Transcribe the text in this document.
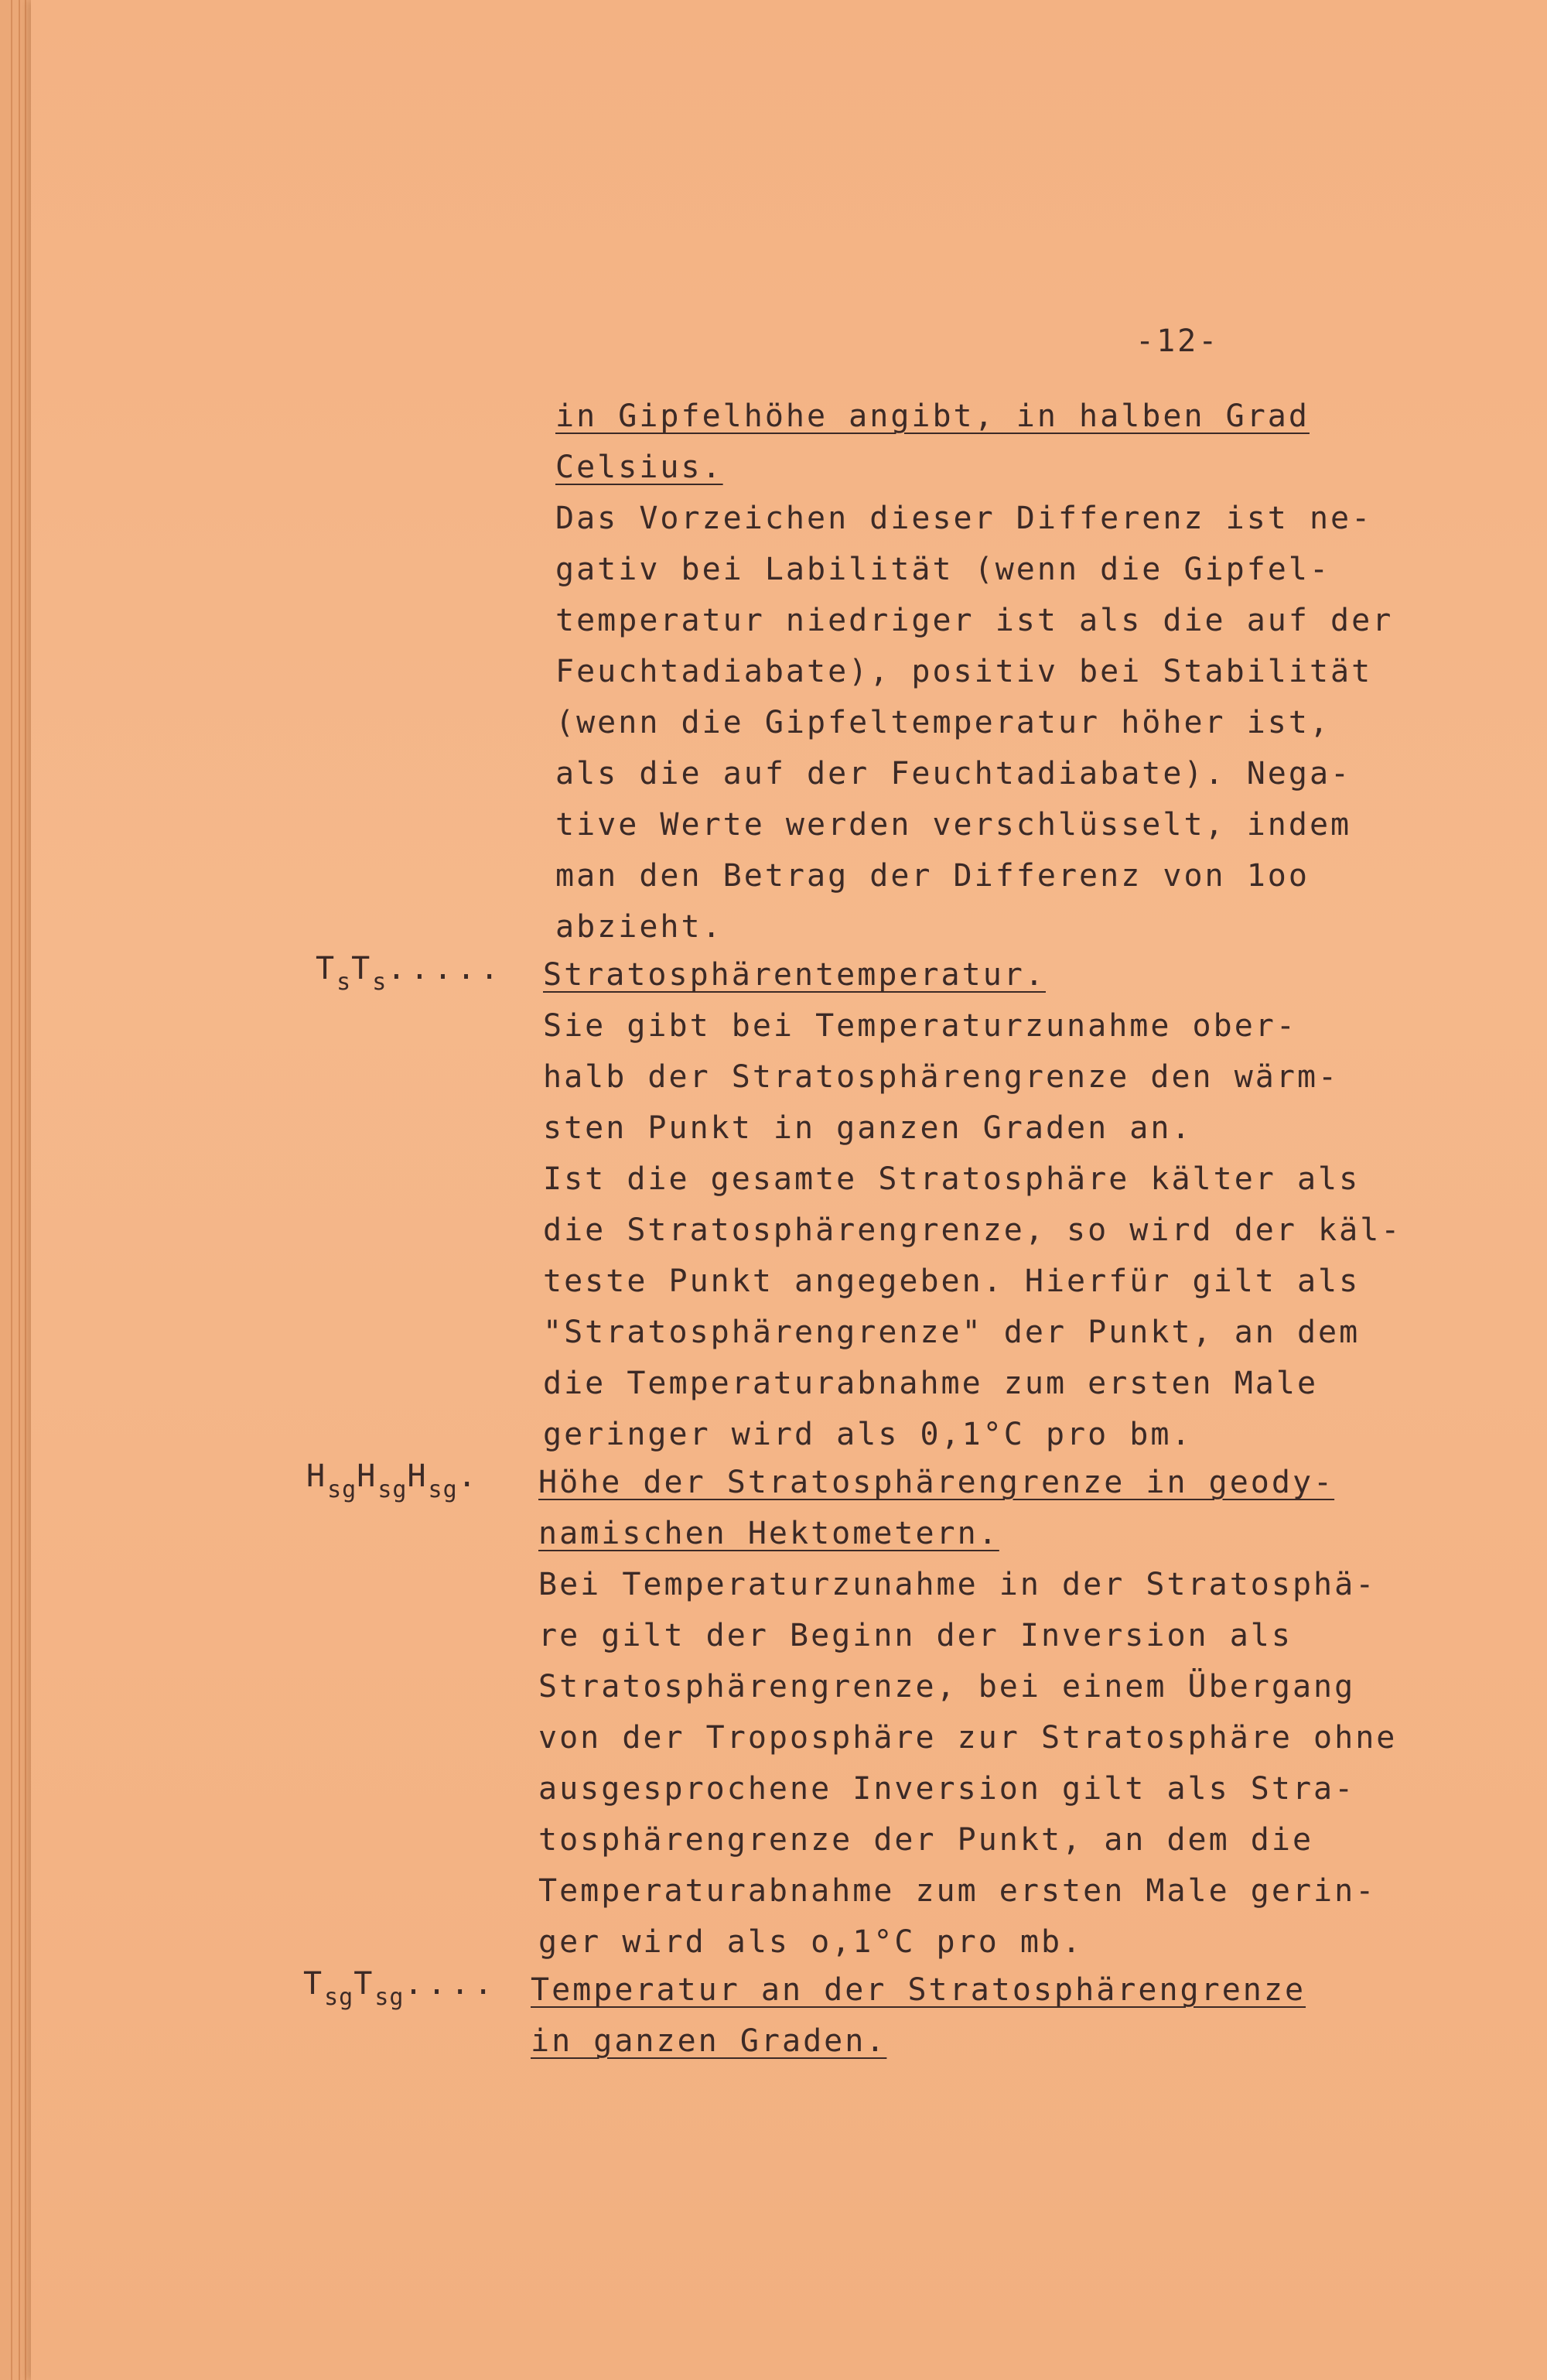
-12-
in Gipfelhöhe angibt, in halben Grad
Celsius.
Das Vorzeichen dieser Differenz ist ne-
gativ bei Labilität (wenn die Gipfel-
temperatur niedriger ist als die auf der
Feuchtadiabate), positiv bei Stabilität
(wenn die Gipfeltemperatur höher ist,
als die auf der Feuchtadiabate). Nega-
tive Werte werden verschlüsselt, indem
man den Betrag der Differenz von 1oo
abzieht.
$T_sT_s$..... Stratosphärentemperatur.
Sie gibt bei Temperaturzunahme ober-
halb der Stratosphärengrenze den wärm-
sten Punkt in ganzen Graden an.
Ist die gesamte Stratosphäre kälter als
die Stratosphärengrenze, so wird der käl-
teste Punkt angegeben. Hierfür gilt als
"Stratosphärengrenze" der Punkt, an dem
die Temperaturabnahme zum ersten Male
geringer wird als 0,1°C pro bm.
$H_{sg}H_{sg}H_{sg}$. Höhe der Stratosphärengrenze in geody-
namischen Hektometern.
Bei Temperaturzunahme in der Stratosphä-
re gilt der Beginn der Inversion als
Stratosphärengrenze, bei einem Übergang
von der Troposphäre zur Stratosphäre ohne
ausgesprochene Inversion gilt als Stra-
tosphärengrenze der Punkt, an dem die
Temperaturabnahme zum ersten Male gerin-
ger wird als o,1°C pro mb.
$T_{sg}T_{sg}$.... Temperatur an der Stratosphärengrenze
in ganzen Graden.
